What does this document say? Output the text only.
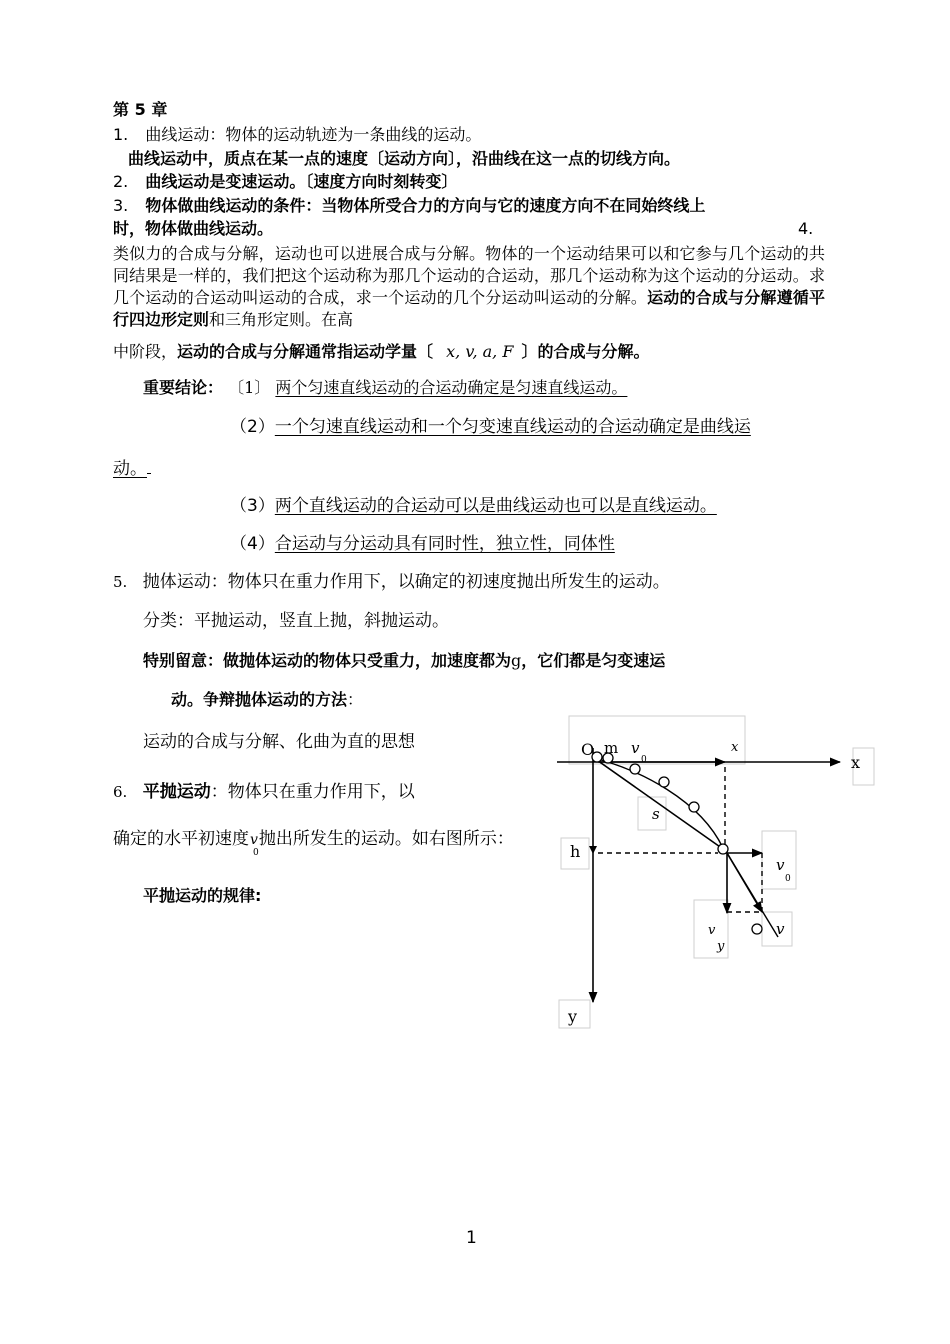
第 5 章
1. 曲线运动：物体的运动轨迹为一条曲线的运动。
曲线运动中，质点在某一点的速度〔运动方向〕，沿曲线在这一点的切线方向。
2. 曲线运动是变速运动。〔速度方向时刻转变〕
3. 物体做曲线运动的条件：当物体所受合力的方向与它的速度方向不在同始终线上
时，物体做曲线运动。	4.
类似力的合成与分解，运动也可以进展合成与分解。物体的一个运动结果可以和它参与几个运动的共同结果是一样的，我们把这个运动称为那几个运动的合运动，那几个运动称为这个运动的分运动。求几个运动的合运动叫运动的合成，求一个运动的几个分运动叫运动的分解。运动的合成与分解遵循平行四边形定则和三角形定则。在高
中阶段，运动的合成与分解通常指运动学量〔 x, v, a, F 〕的合成与分解。
重要结论： 〔1〕 两个匀速直线运动的合运动确定是匀速直线运动。
（2）一个匀速直线运动和一个匀变速直线运动的合运动确定是曲线运
动。
（3）两个直线运动的合运动可以是曲线运动也可以是直线运动。
（4）合运动与分运动具有同时性，独立性，同体性
5. 抛体运动：物体只在重力作用下，以确定的初速度抛出所发生的运动。
分类：平抛运动，竖直上抛，斜抛运动。
特别留意：做抛体运动的物体只受重力，加速度都为g，它们都是匀变速运
动。争辩抛体运动的方法：
运动的合成与分解、化曲为直的思想
6. 平抛运动：物体只在重力作用下，以
确定的水平初速度v
0
抛出所发生的运动。如右图所示：
平抛运动的规律:
O m v
0
x
x
s
h
v
0
v
y
v
y
1
